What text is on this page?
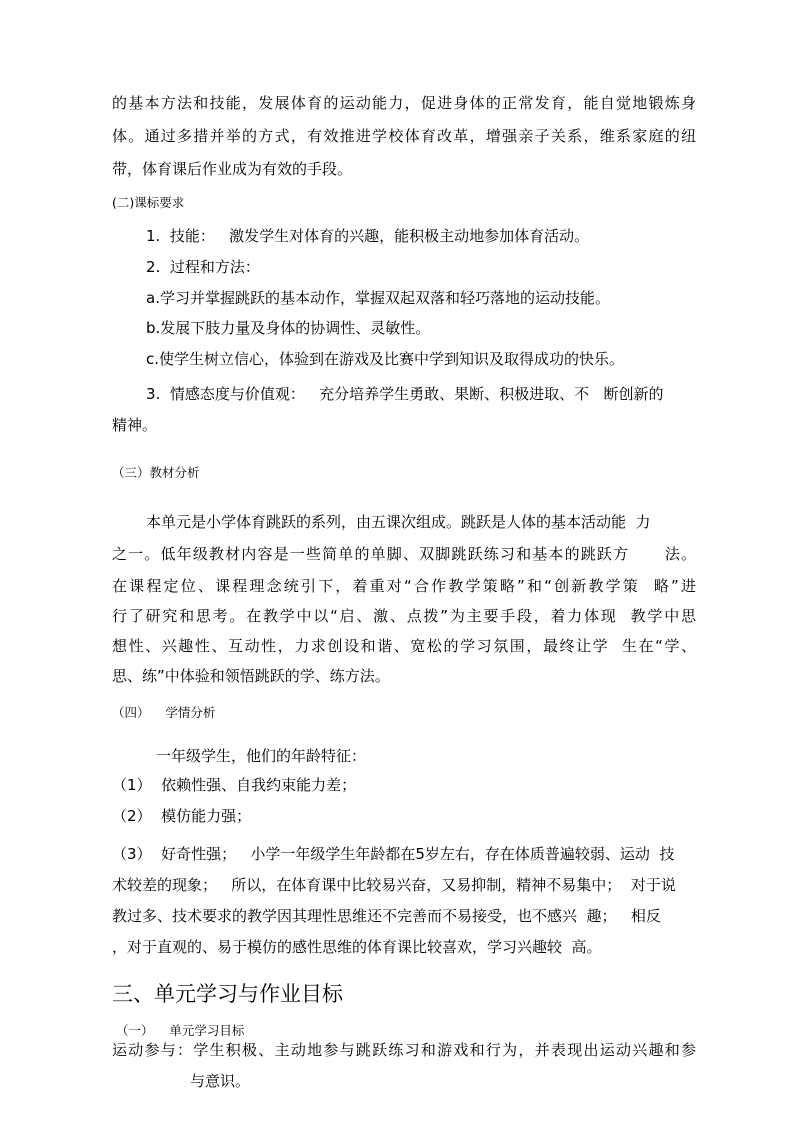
的基本方法和技能，发展体育的运动能力，促进身体的正常发育，能自觉地锻炼身
体。通过多措并举的方式，有效推进学校体育改革，增强亲子关系，维系家庭的纽
带，体育课后作业成为有效的手段。
(二)课标要求
1.  技能：   激发学生对体育的兴趣，能积极主动地参加体育活动。
2.  过程和方法：
a.学习并掌握跳跃的基本动作，掌握双起双落和轻巧落地的运动技能。
b.发展下肢力量及身体的协调性、灵敏性。
c.使学生树立信心，体验到在游戏及比赛中学到知识及取得成功的快乐。
3.  情感态度与价值观：   充分培养学生勇敢、果断、积极进取、不   断创新的
精神。
（三）教材分析
本单元是小学体育跳跃的系列，由五课次组成。跳跃是人体的基本活动能  力
之一。低年级教材内容是一些简单的单脚、双脚跳跃练习和基本的跳跃方      法。
在课程定位、课程理念统引下，着重对“合作教学策略”和“创新教学策  略”进
行了研究和思考。在教学中以“启、激、点拨”为主要手段，着力体现  教学中思
想性、兴趣性、互动性，力求创设和谐、宽松的学习氛围，最终让学  生在“学、
思、练”中体验和领悟跳跃的学、练方法。
（四）    学情分析
一年级学生，他们的年龄特征：
（1）  依赖性强、自我约束能力差；
（2）  模仿能力强；
（3）  好奇性强；   小学一年级学生年龄都在5岁左右，存在体质普遍较弱、运动  技
术较差的现象；   所以，在体育课中比较易兴奋，又易抑制，精神不易集中；  对于说
教过多、技术要求的教学因其理性思维还不完善而不易接受，也不感兴  趣；   相反
，对于直观的、易于模仿的感性思维的体育课比较喜欢，学习兴趣较  高。
三、单元学习与作业目标
（一）    单元学习目标
运动参与：学生积极、主动地参与跳跃练习和游戏和行为，并表现出运动兴趣和参
与意识。
